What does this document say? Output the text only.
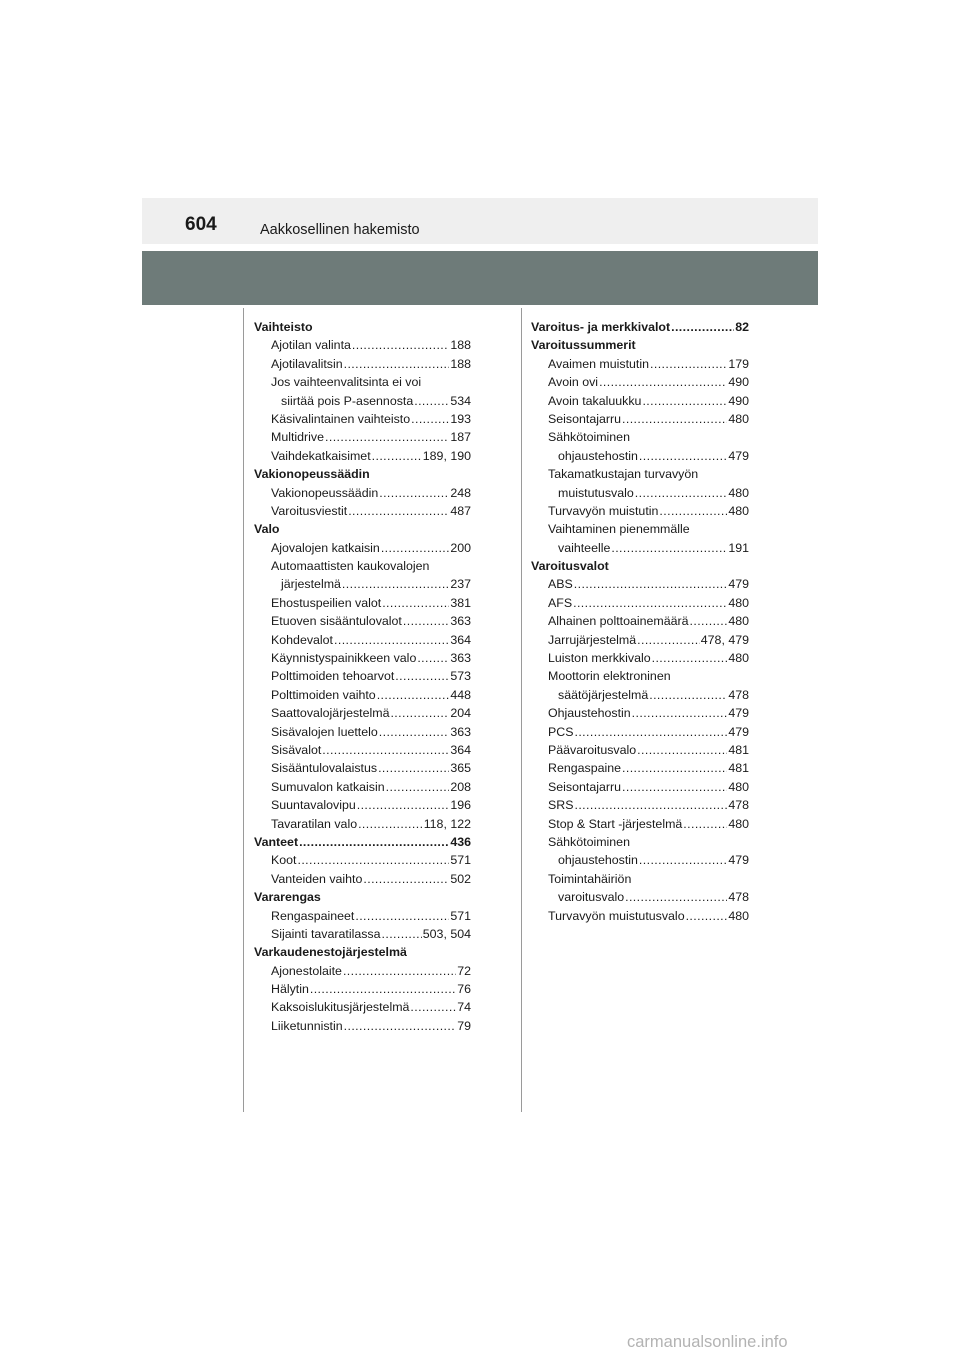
604	Aakkosellinen hakemisto
Vaihteisto
Ajotilan valinta .....	188
Ajotilavalitsin .....	188
Jos vaihteenvalitsinta ei voi
siirtää pois P-asennosta .....	534
Käsivalintainen vaihteisto .....	193
Multidrive .....	187
Vaihdekatkaisimet .....	189, 190
Vakionopeussäädin
Vakionopeussäädin .....	248
Varoitusviestit .....	487
Valo
Ajovalojen katkaisin .....	200
Automaattisten kaukovalojen
järjestelmä .....	237
Ehostuspeilien valot .....	381
Etuoven sisääntulovalot .....	363
Kohdevalot .....	364
Käynnistyspainikkeen valo .....	363
Polttimoiden tehoarvot .....	573
Polttimoiden vaihto .....	448
Saattovalojärjestelmä .....	204
Sisävalojen luettelo .....	363
Sisävalot .....	364
Sisääntulovalaistus .....	365
Sumuvalon katkaisin .....	208
Suuntavalovipu .....	196
Tavaratilan valo .....	118, 122
Vanteet .....	436
Koot .....	571
Vanteiden vaihto .....	502
Vararengas
Rengaspaineet .....	571
Sijainti tavaratilassa .....	503, 504
Varkaudenestojärjestelmä
Ajonestolaite .....	72
Hälytin .....	76
Kaksoislukitusjärjestelmä .....	74
Liiketunnistin .....	79
Varoitus- ja merkkivalot .....	82
Varoitussummerit
Avaimen muistutin .....	179
Avoin ovi .....	490
Avoin takaluukku .....	490
Seisontajarru .....	480
Sähkötoiminen
ohjaustehostin .....	479
Takamatkustajan turvavyön
muistutusvalo .....	480
Turvavyön muistutin .....	480
Vaihtaminen pienemmälle
vaihteelle .....	191
Varoitusvalot
ABS .....	479
AFS .....	480
Alhainen polttoainemäärä .....	480
Jarrujärjestelmä .....	478, 479
Luiston merkkivalo .....	480
Moottorin elektroninen
säätöjärjestelmä .....	478
Ohjaustehostin .....	479
PCS .....	479
Päävaroitusvalo .....	481
Rengaspaine .....	481
Seisontajarru .....	480
SRS .....	478
Stop & Start -järjestelmä .....	480
Sähkötoiminen
ohjaustehostin .....	479
Toimintahäiriön
varoitusvalo .....	478
Turvavyön muistutusvalo .....	480
carmanualsonline.info
